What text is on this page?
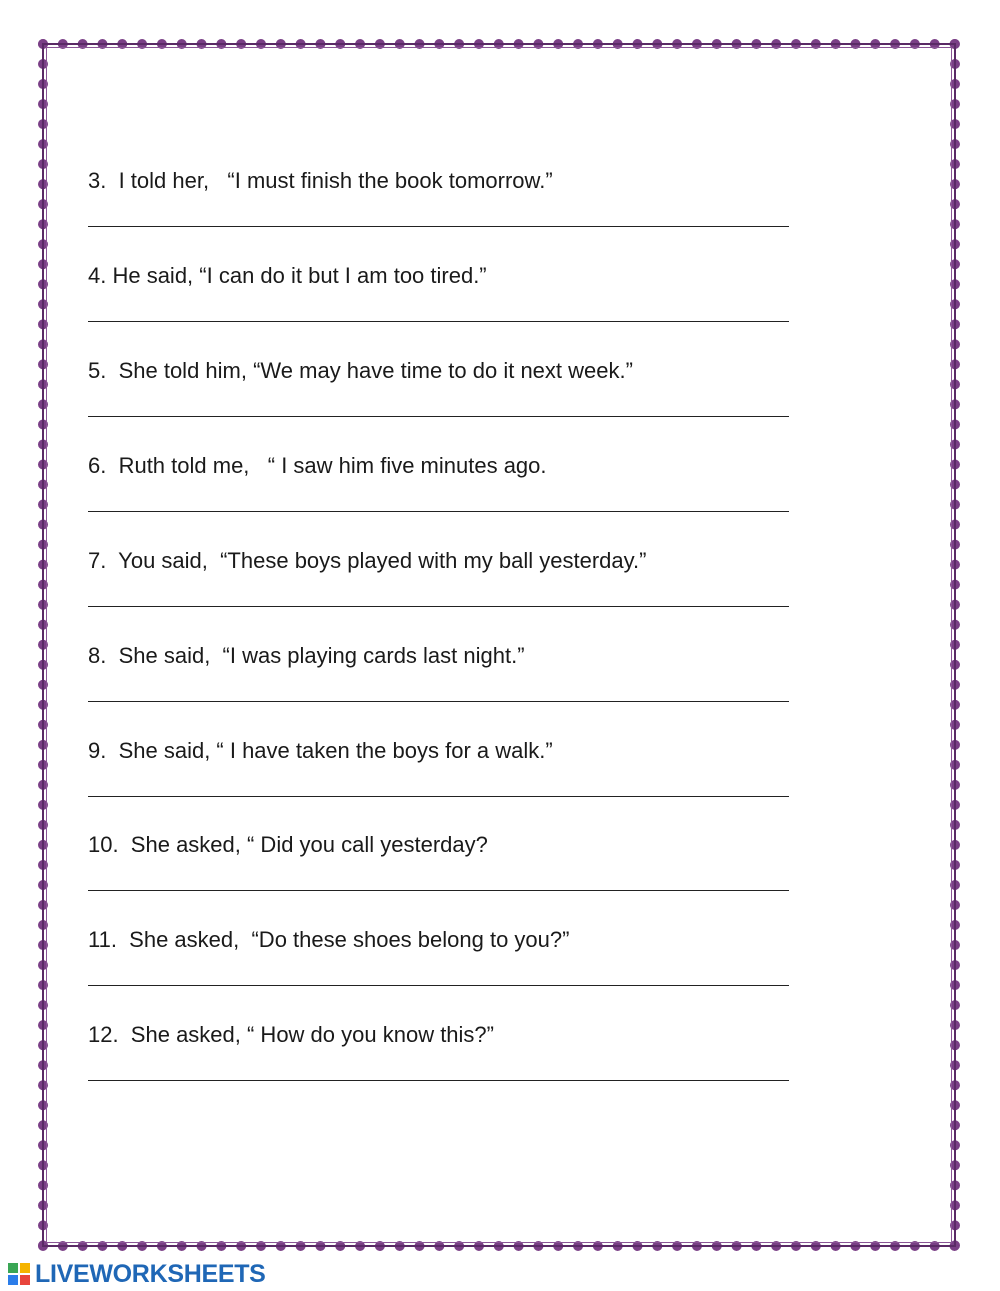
3.  I told her,   “I must finish the book tomorrow.”
4. He said, “I can do it but I am too tired.”
5.  She told him, “We may have time to do it next week.”
6.  Ruth told me,   “ I saw him five minutes ago.
7.  You said,  “These boys played with my ball yesterday.”
8.  She said,  “I was playing cards last night.”
9.  She said, “ I have taken the boys for a walk.”
10.  She asked, “ Did you call yesterday?
11.  She asked,  “Do these shoes belong to you?”
12.  She asked, “ How do you know this?”
LIVEWORKSHEETS
